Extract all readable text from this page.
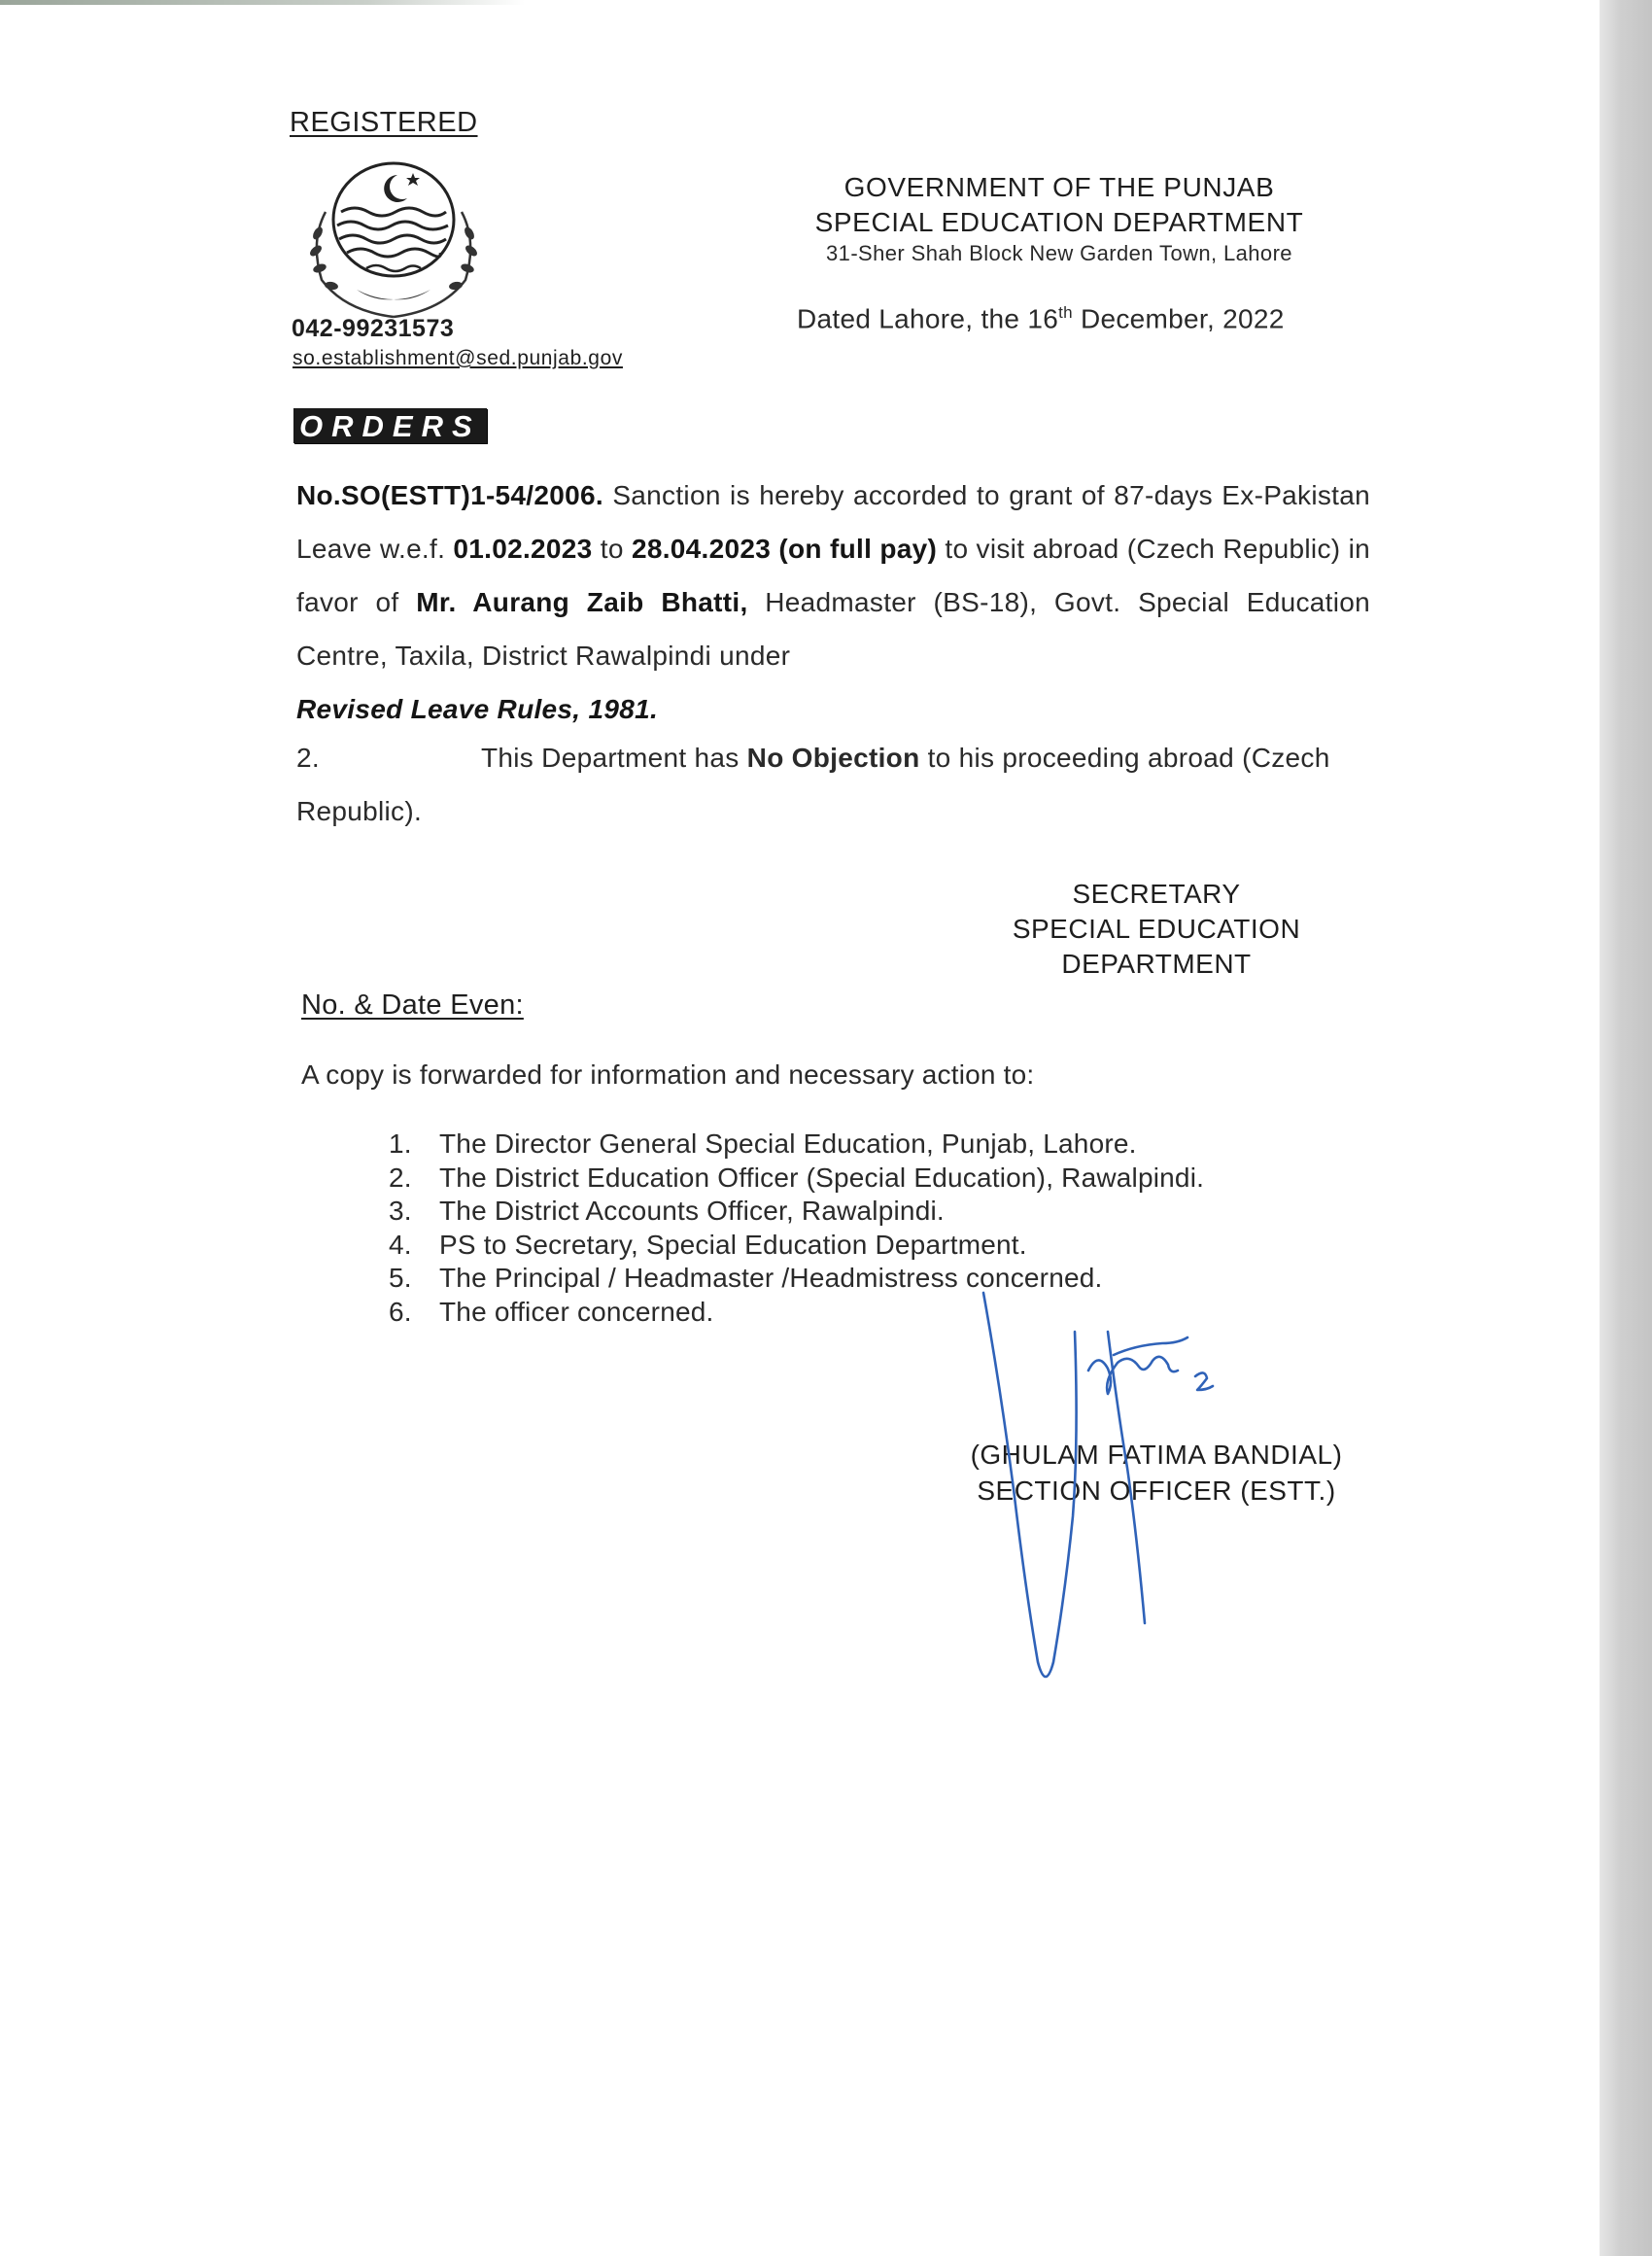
REGISTERED
042-99231573
so.establishment@sed.punjab.gov
GOVERNMENT OF THE PUNJAB
SPECIAL EDUCATION DEPARTMENT
31-Sher Shah Block New Garden Town, Lahore
Dated Lahore, the 16th December, 2022
ORDERS
No.SO(ESTT)1-54/2006. Sanction is hereby accorded to grant of 87-days Ex-Pakistan Leave w.e.f. 01.02.2023 to 28.04.2023 (on full pay) to visit abroad (Czech Republic) in favor of Mr. Aurang Zaib Bhatti, Headmaster (BS-18), Govt. Special Education Centre, Taxila, District Rawalpindi under
Revised Leave Rules, 1981.
2.	This Department has No Objection to his proceeding abroad (Czech Republic).
SECRETARY
SPECIAL EDUCATION
DEPARTMENT
No. & Date Even:
A copy is forwarded for information and necessary action to:
1.	The Director General Special Education, Punjab, Lahore.
2.	The District Education Officer (Special Education), Rawalpindi.
3.	The District Accounts Officer, Rawalpindi.
4.	PS to Secretary, Special Education Department.
5.	The Principal / Headmaster /Headmistress concerned.
6.	The officer concerned.
(GHULAM FATIMA BANDIAL)
SECTION OFFICER (ESTT.)
